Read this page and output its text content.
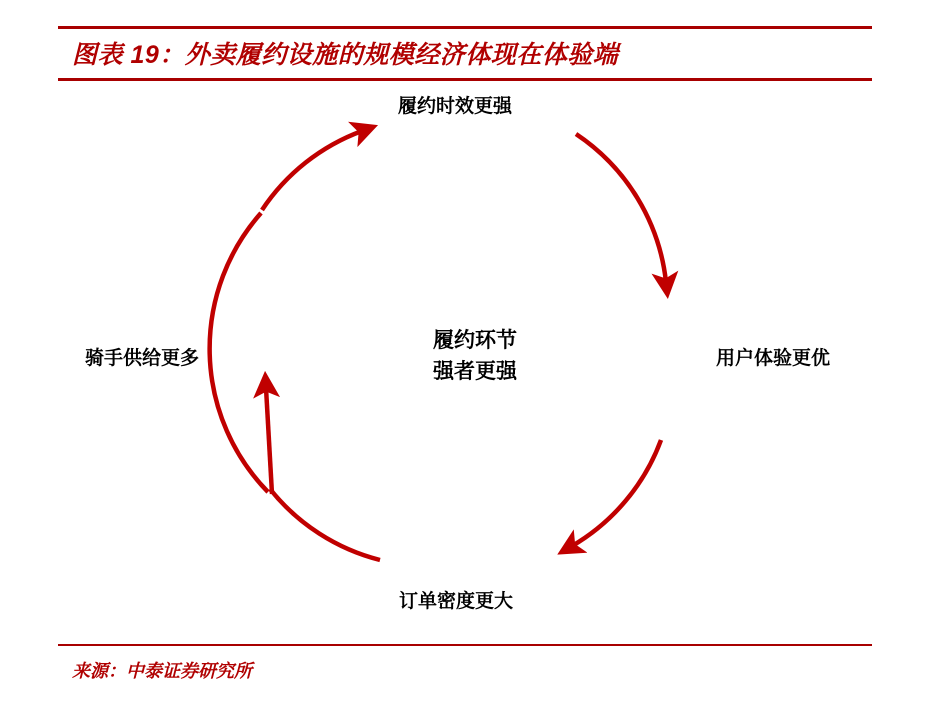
图表 19：外卖履约设施的规模经济体现在体验端
履约时效更强
用户体验更优
订单密度更大
骑手供给更多
履约环节
强者更强
来源：中泰证券研究所
